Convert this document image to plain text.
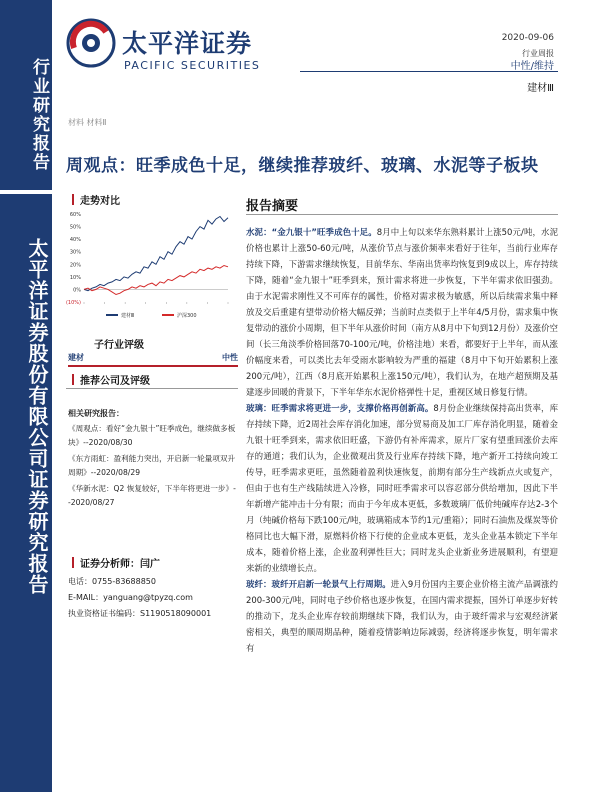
行业研究报告
太平洋证券股份有限公司证券研究报告
太平洋证券
PACIFIC SECURITIES
2020-09-06
行业周报
中性/维持
建材Ⅲ
材料 材料Ⅱ
周观点：旺季成色十足，继续推荐玻纤、玻璃、水泥等子板块
走势对比
60%
50%
40%
30%
20%
10%
0%
(10%)
建材Ⅲ	沪深300
子行业评级
建材	中性
推荐公司及评级
相关研究报告：
《周观点：看好“金九银十”旺季成色，继续做多板块》--2020/08/30
《东方雨虹：盈利能力突出，开启新一轮量项双升周期》--2020/08/29
《华新水泥：Q2 恢复较好，下半年将更进一步》--2020/08/27
证券分析师：闫广
电话：0755-83688850
E-MAIL：yanguang@tpyzq.com
执业资格证书编码：S1190518090001
报告摘要

水泥：“金九银十”旺季成色十足。8月中上旬以来华东熟料累计上涨50元/吨，水泥价格也累计上涨50-60元/吨，从涨价节点与涨价频率来看好于往年，当前行业库存持续下降，下游需求继续恢复，目前华东、华南出货率均恢复到9成以上，库存持续下降，随着“金九银十”旺季到来，预计需求将进一步恢复，下半年需求依旧强劲。由于水泥需求刚性又不可库存的属性，价格对需求极为敏感，所以后续需求集中释放及交后重建有望带动价格大幅反弹；当前时点类似于上半年4/5月份，需求集中恢复带动的涨价小周期，但下半年从涨价时间（南方从8月中下旬到12月份）及涨价空间（长三角淡季价格回落70-100元/吨，价格洼地）来看，都要好于上半年，而从涨价幅度来看，可以类比去年受雨水影响较为严重的福建（8月中下旬开始累积上涨200元/吨），江西（8月底开始累积上涨150元/吨），我们认为，在地产超预期及基建逐步回暖的背景下，下半年华东水泥价格弹性十足，重视区域日修复行情。

玻璃：旺季需求将更进一步，支撑价格再创新高。8月份企业继续保持高出货率，库存持续下降，近2周社会库存消化加速，部分贸易商及加工厂库存消化明显，随着金九银十旺季到来，需求依旧旺盛，下游仍有补库需求，原片厂家有望重回涨价去库存的通道；我们认为，企业微观出货及行业库存持续下降，地产新开工持续向竣工传导，旺季需求更旺，虽然随着盈利快速恢复，前期有部分生产线新点火或复产，但由于也有生产线陆续进入冷修，同时旺季需求可以容忍部分供给增加，因此下半年新增产能冲击十分有限；而由于今年成本更低，多数玻璃厂低价纯碱库存达2-3个月（纯碱价格每下跌100元/吨，玻璃箱成本节约1元/重箱）；同时石油焦及煤炭等价格同比也大幅下滑，原燃料价格下行使的企业成本更低，龙头企业基本锁定下半年成本，随着价格上涨，企业盈利弹性巨大；同时龙头企业新业务进展顺利，有望迎来新的业绩增长点。

玻纤：玻纤开启新一轮景气上行周期。进入9月份国内主要企业价格主流产品调涨约200-300元/吨，同时电子纱价格也逐步恢复，在国内需求提振，国外订单逐步好转的推动下，龙头企业库存较前期继续下降，我们认为，由于玻纤需求与宏观经济紧密相关，典型的顺周期品种，随着疫情影响边际减弱，经济将逐步恢复，明年需求有
